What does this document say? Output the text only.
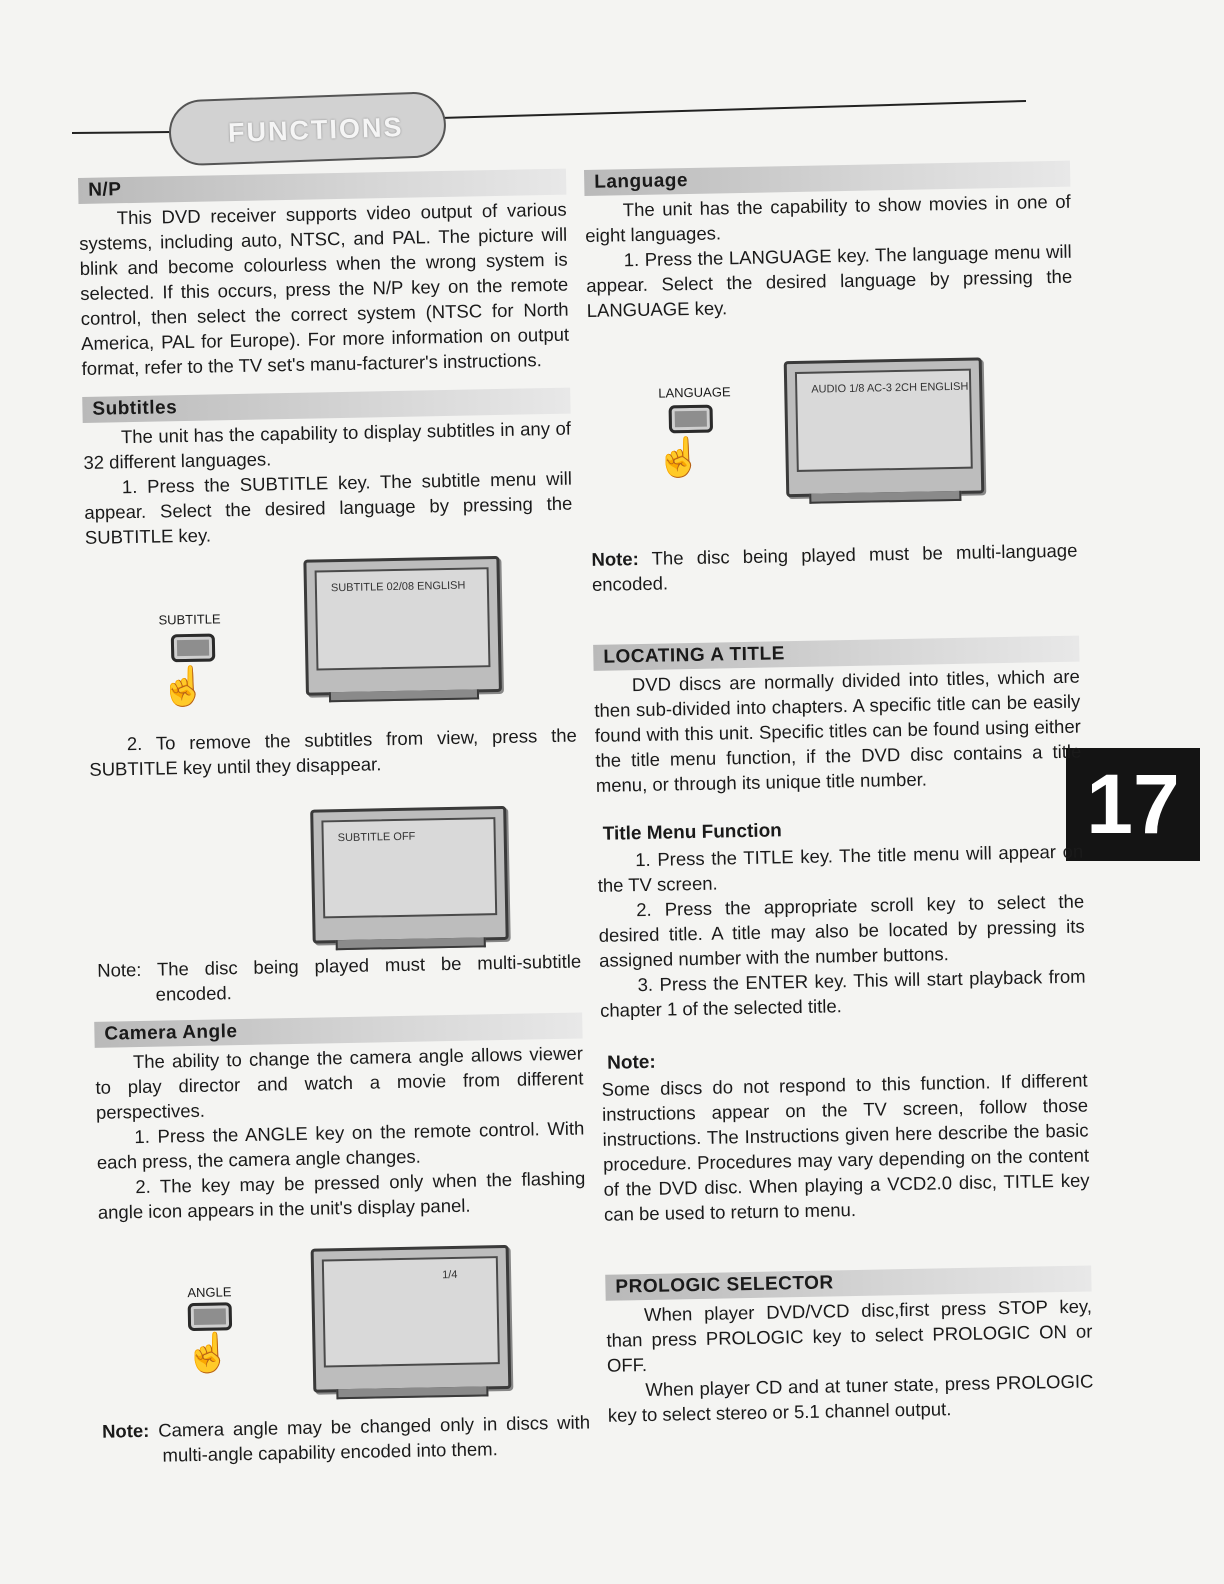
FUNCTIONS
17
N/P

This DVD receiver supports video output of various systems, including auto, NTSC, and PAL. The picture will blink and become colourless when the wrong system is selected. If this occurs, press the N/P key on the remote control, then select the correct system (NTSC for North America, PAL for Europe). For more information on output format, refer to the TV set's manu-facturer's instructions.

Subtitles

The unit has the capability to display subtitles in any of 32 different languages.

1. Press the SUBTITLE key. The subtitle menu will appear. Select the desired language by pressing the SUBTITLE key.

SUBTITLE
☝
SUBTITLE 02/08 ENGLISH

2. To remove the subtitles from view, press the SUBTITLE key until they disappear.

SUBTITLE OFF

Note: The disc being played must be multi-subtitle encoded.

Camera Angle

The ability to change the camera angle allows viewer to play director and watch a movie from different perspectives.

1. Press the ANGLE key on the remote control. With each press, the camera angle changes.

2. The key may be pressed only when the flashing angle icon appears in the unit's display panel.

ANGLE
☝
1/4

Note: Camera angle may be changed only in discs with multi-angle capability encoded into them.

Language

The unit has the capability to show movies in one of eight languages.

1. Press the LANGUAGE key. The language menu will appear. Select the desired language by pressing the LANGUAGE key.

LANGUAGE
☝
AUDIO 1/8 AC-3 2CH ENGLISH

Note: The disc being played must be multi-language encoded.

LOCATING A TITLE

DVD discs are normally divided into titles, which are then sub-divided into chapters. A specific title can be easily found with this unit. Specific titles can be found using either the title menu function, if the DVD disc contains a title menu, or through its unique title number.

Title Menu Function

1. Press the TITLE key. The title menu will appear on the TV screen.

2. Press the appropriate scroll key to select the desired title. A title may also be located by pressing its assigned number with the number buttons.

3. Press the ENTER key. This will start playback from chapter 1 of the selected title.

Note:

Some discs do not respond to this function. If different instructions appear on the TV screen, follow those instructions. The Instructions given here describe the basic procedure. Procedures may vary depending on the content of the DVD disc. When playing a VCD2.0 disc, TITLE key can be used to return to menu.

PROLOGIC SELECTOR

When player DVD/VCD disc,first press STOP key, than press PROLOGIC key to select PROLOGIC ON or OFF.

When player CD and at tuner state, press PROLOGIC key to select stereo or 5.1 channel output.
